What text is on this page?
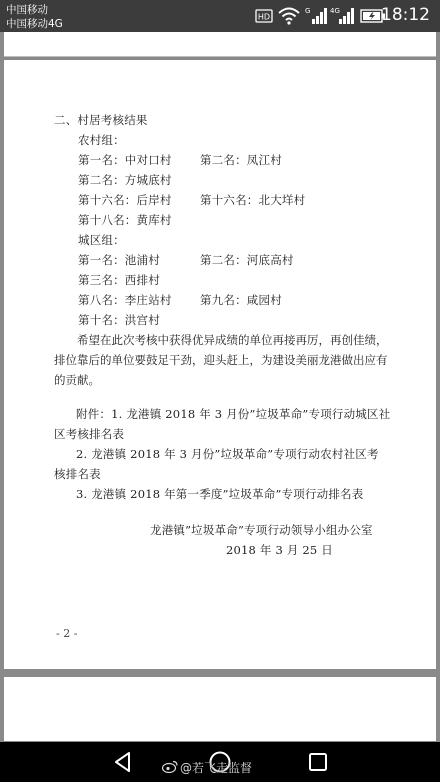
中国移动
中国移动4G
HD
G	4G 18:12
二、村居考核结果
农村组：
第一名：中对口村 第二名：凤江村
第二名：方城底村
第十六名：后岸村 第十六名：北大垟村
第十八名：黄库村
城区组：
第一名：池浦村	第二名：河底高村
第三名：西排村
第八名：李庄站村 第九名：咸园村
第十名：洪宫村
希望在此次考核中获得优异成绩的单位再接再厉，再创佳绩，排位靠后的单位要鼓足干劲，迎头赶上，为建设美丽龙港做出应有的贡献。
附件：1. 龙港镇 2018 年 3 月份”垃圾革命”专项行动城区社
区考核排名表
2. 龙港镇 2018 年 3 月份”垃圾革命”专项行动农村社区考
核排名表
3. 龙港镇 2018 年第一季度”垃圾革命”专项行动排名表
龙港镇”垃圾革命”专项行动领导小组办公室
2018 年 3 月 25 日
- 2 -
@若飞走监督
